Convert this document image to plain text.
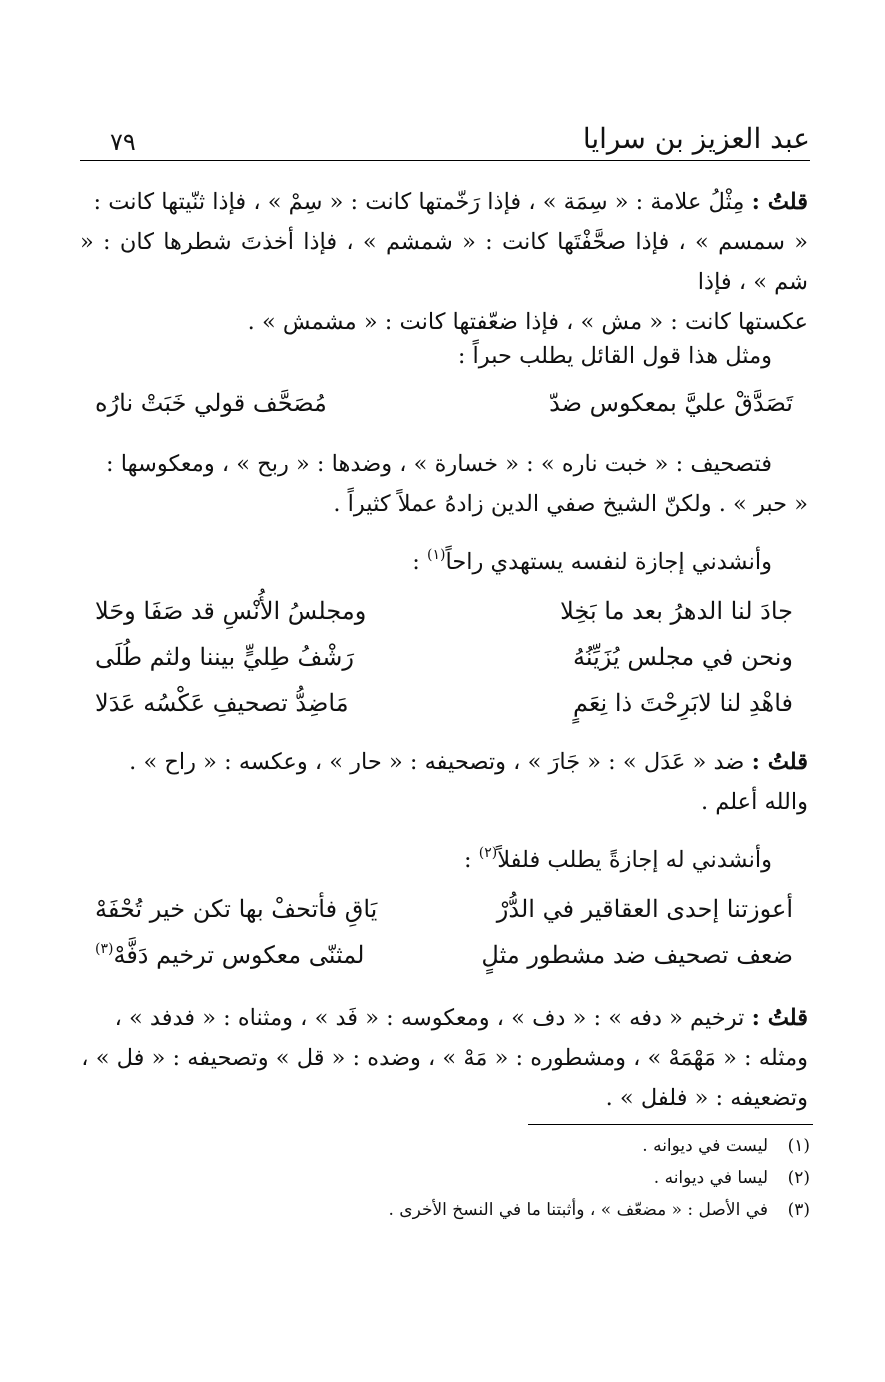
عبد العزيز بن سرايا
٧٩
قلتُ : مِثْلُ علامة : « سِمَة » ، فإذا رَخّمتها كانت : « سِمْ » ، فإذا ثنّيتها كانت :
« سمسم » ، فإذا صحَّفْتَها كانت : « شمشم » ، فإذا أخذتَ شطرها كان : « شم » ، فإذا
عكستها كانت : « مش » ، فإذا ضعّفتها كانت : « مشمش » .
ومثل هذا قول القائل يطلب حبراً :
تَصَدَّقْ عليَّ بمعكوس ضدّ
مُصَحَّف قولي خَبَتْ نارُه
فتصحيف : « خبت ناره » : « خسارة » ، وضدها : « ربح » ، ومعكوسها :
« حبر » . ولكنّ الشيخ صفي الدين زادهُ عملاً كثيراً .
وأنشدني إجازة لنفسه يستهدي راحاً$^{(١)}$ :
جادَ لنا الدهرُ بعد ما بَخِلا
ومجلسُ الأُنْسِ قد صَفَا وحَلا
ونحن في مجلس يُزَيِّنُهُ
رَشْفُ طِليٍّ بيننا ولثم طُلَى
فاهْدِ لنا لابَرِحْتَ ذا نِعَمٍ
مَاضِدُّ تصحيفِ عَكْسُه عَدَلا
قلتُ : ضد « عَدَل » : « جَارَ » ، وتصحيفه : « حار » ، وعكسه : « راح » .
والله أعلم .
وأنشدني له إجازةً يطلب فلفلاً$^{(٢)}$ :
أعوزتنا إحدى العقاقير في الدُّرْ
يَاقِ فأتحفْ بها تكن خير تُحْفَهْ
ضعف تصحيف ضد مشطور مثلٍ
لمثنّى معكوس ترخيم دَفَّهْ$^{(٣)}$
قلتُ : ترخيم « دفه » : « دف » ، ومعكوسه : « فَد » ، ومثناه : « فدفد » ،
ومثله : « مَهْمَهْ » ، ومشطوره : « مَهْ » ، وضده : « قل » وتصحيفه : « فل » ،
وتضعيفه : « فلفل » .
(١)
ليست في ديوانه .
(٢)
ليسا في ديوانه .
(٣)
في الأصل : « مضعّف » ، وأثبتنا ما في النسخ الأخرى .
